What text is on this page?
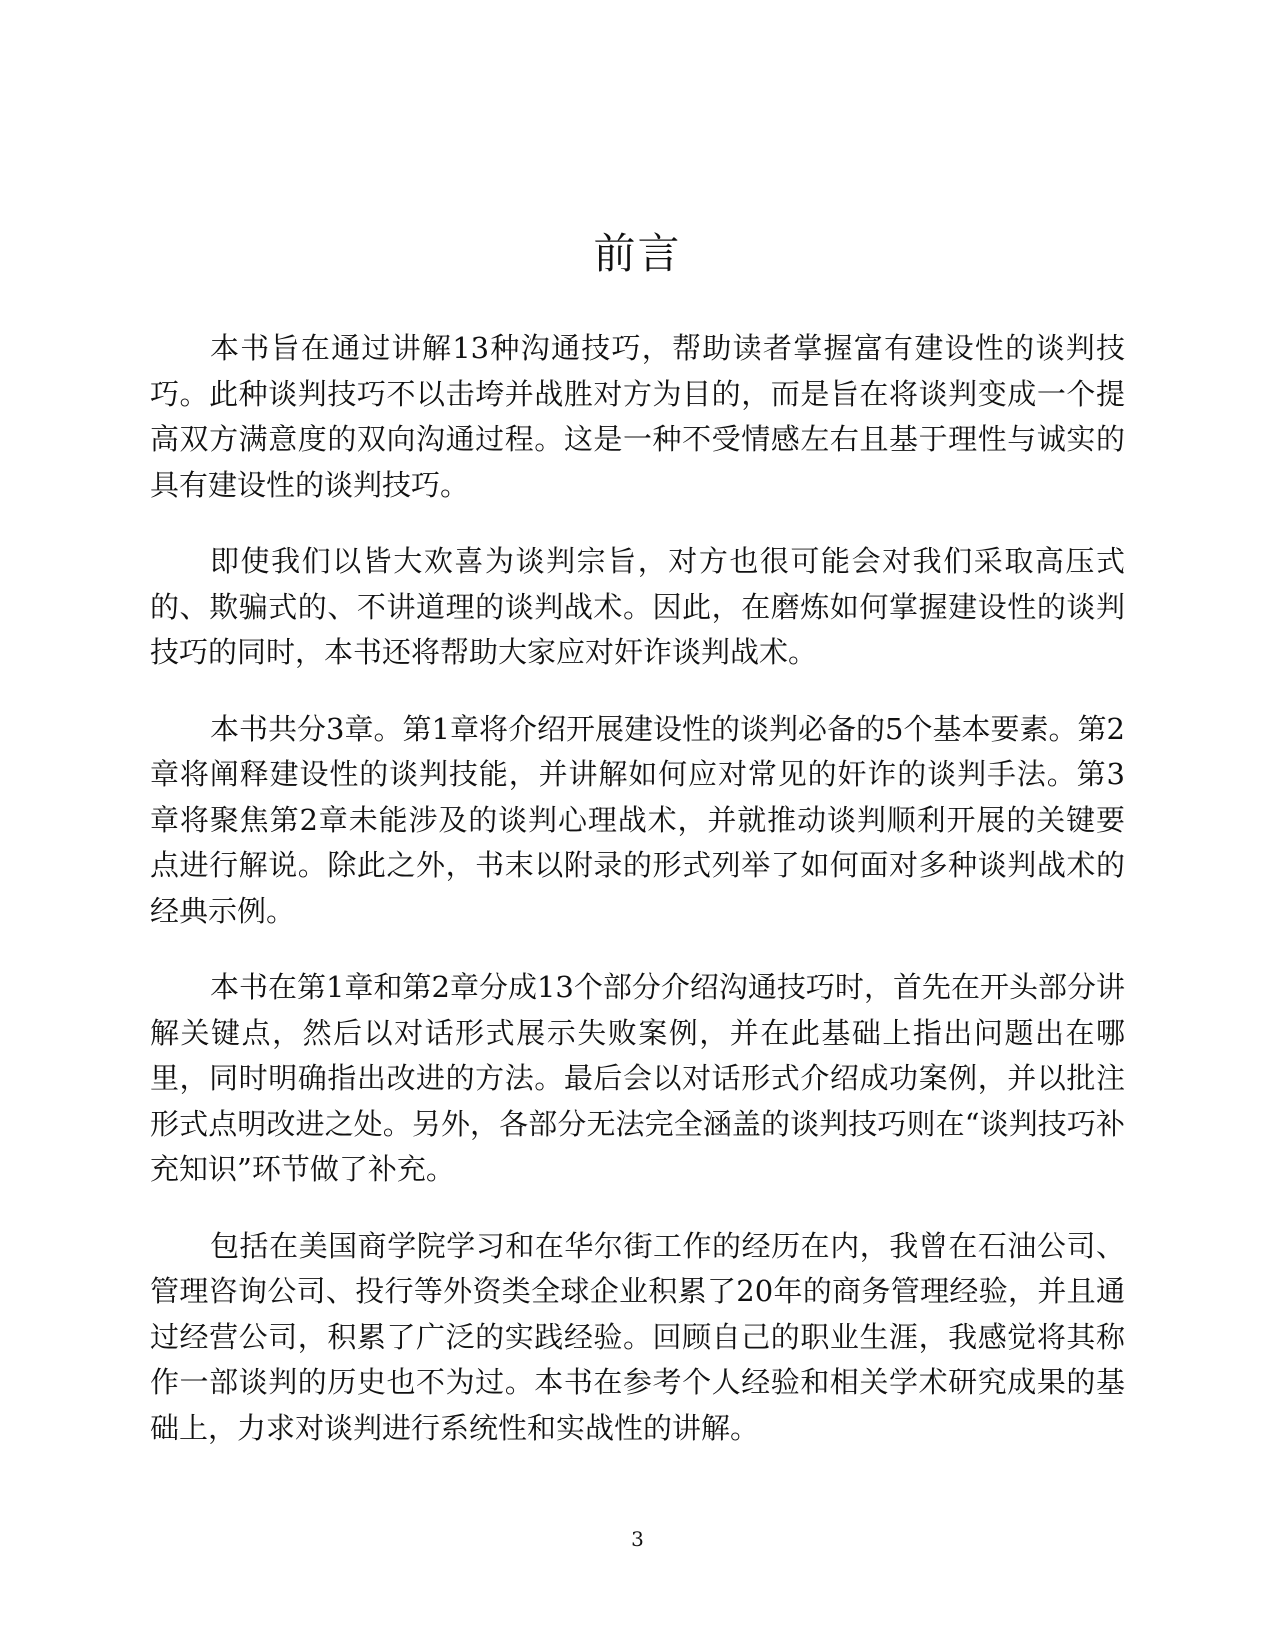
前言

本书旨在通过讲解13种沟通技巧，帮助读者掌握富有建设性的谈判技巧。此种谈判技巧不以击垮并战胜对方为目的，而是旨在将谈判变成一个提高双方满意度的双向沟通过程。这是一种不受情感左右且基于理性与诚实的具有建设性的谈判技巧。

即使我们以皆大欢喜为谈判宗旨，对方也很可能会对我们采取高压式的、欺骗式的、不讲道理的谈判战术。因此，在磨炼如何掌握建设性的谈判技巧的同时，本书还将帮助大家应对奸诈谈判战术。

本书共分3章。第1章将介绍开展建设性的谈判必备的5个基本要素。第2章将阐释建设性的谈判技能，并讲解如何应对常见的奸诈的谈判手法。第3章将聚焦第2章未能涉及的谈判心理战术，并就推动谈判顺利开展的关键要点进行解说。除此之外，书末以附录的形式列举了如何面对多种谈判战术的经典示例。

本书在第1章和第2章分成13个部分介绍沟通技巧时，首先在开头部分讲解关键点，然后以对话形式展示失败案例，并在此基础上指出问题出在哪里，同时明确指出改进的方法。最后会以对话形式介绍成功案例，并以批注形式点明改进之处。另外，各部分无法完全涵盖的谈判技巧则在“谈判技巧补充知识”环节做了补充。

包括在美国商学院学习和在华尔街工作的经历在内，我曾在石油公司、管理咨询公司、投行等外资类全球企业积累了20年的商务管理经验，并且通过经营公司，积累了广泛的实践经验。回顾自己的职业生涯，我感觉将其称作一部谈判的历史也不为过。本书在参考个人经验和相关学术研究成果的基础上，力求对谈判进行系统性和实战性的讲解。

3
